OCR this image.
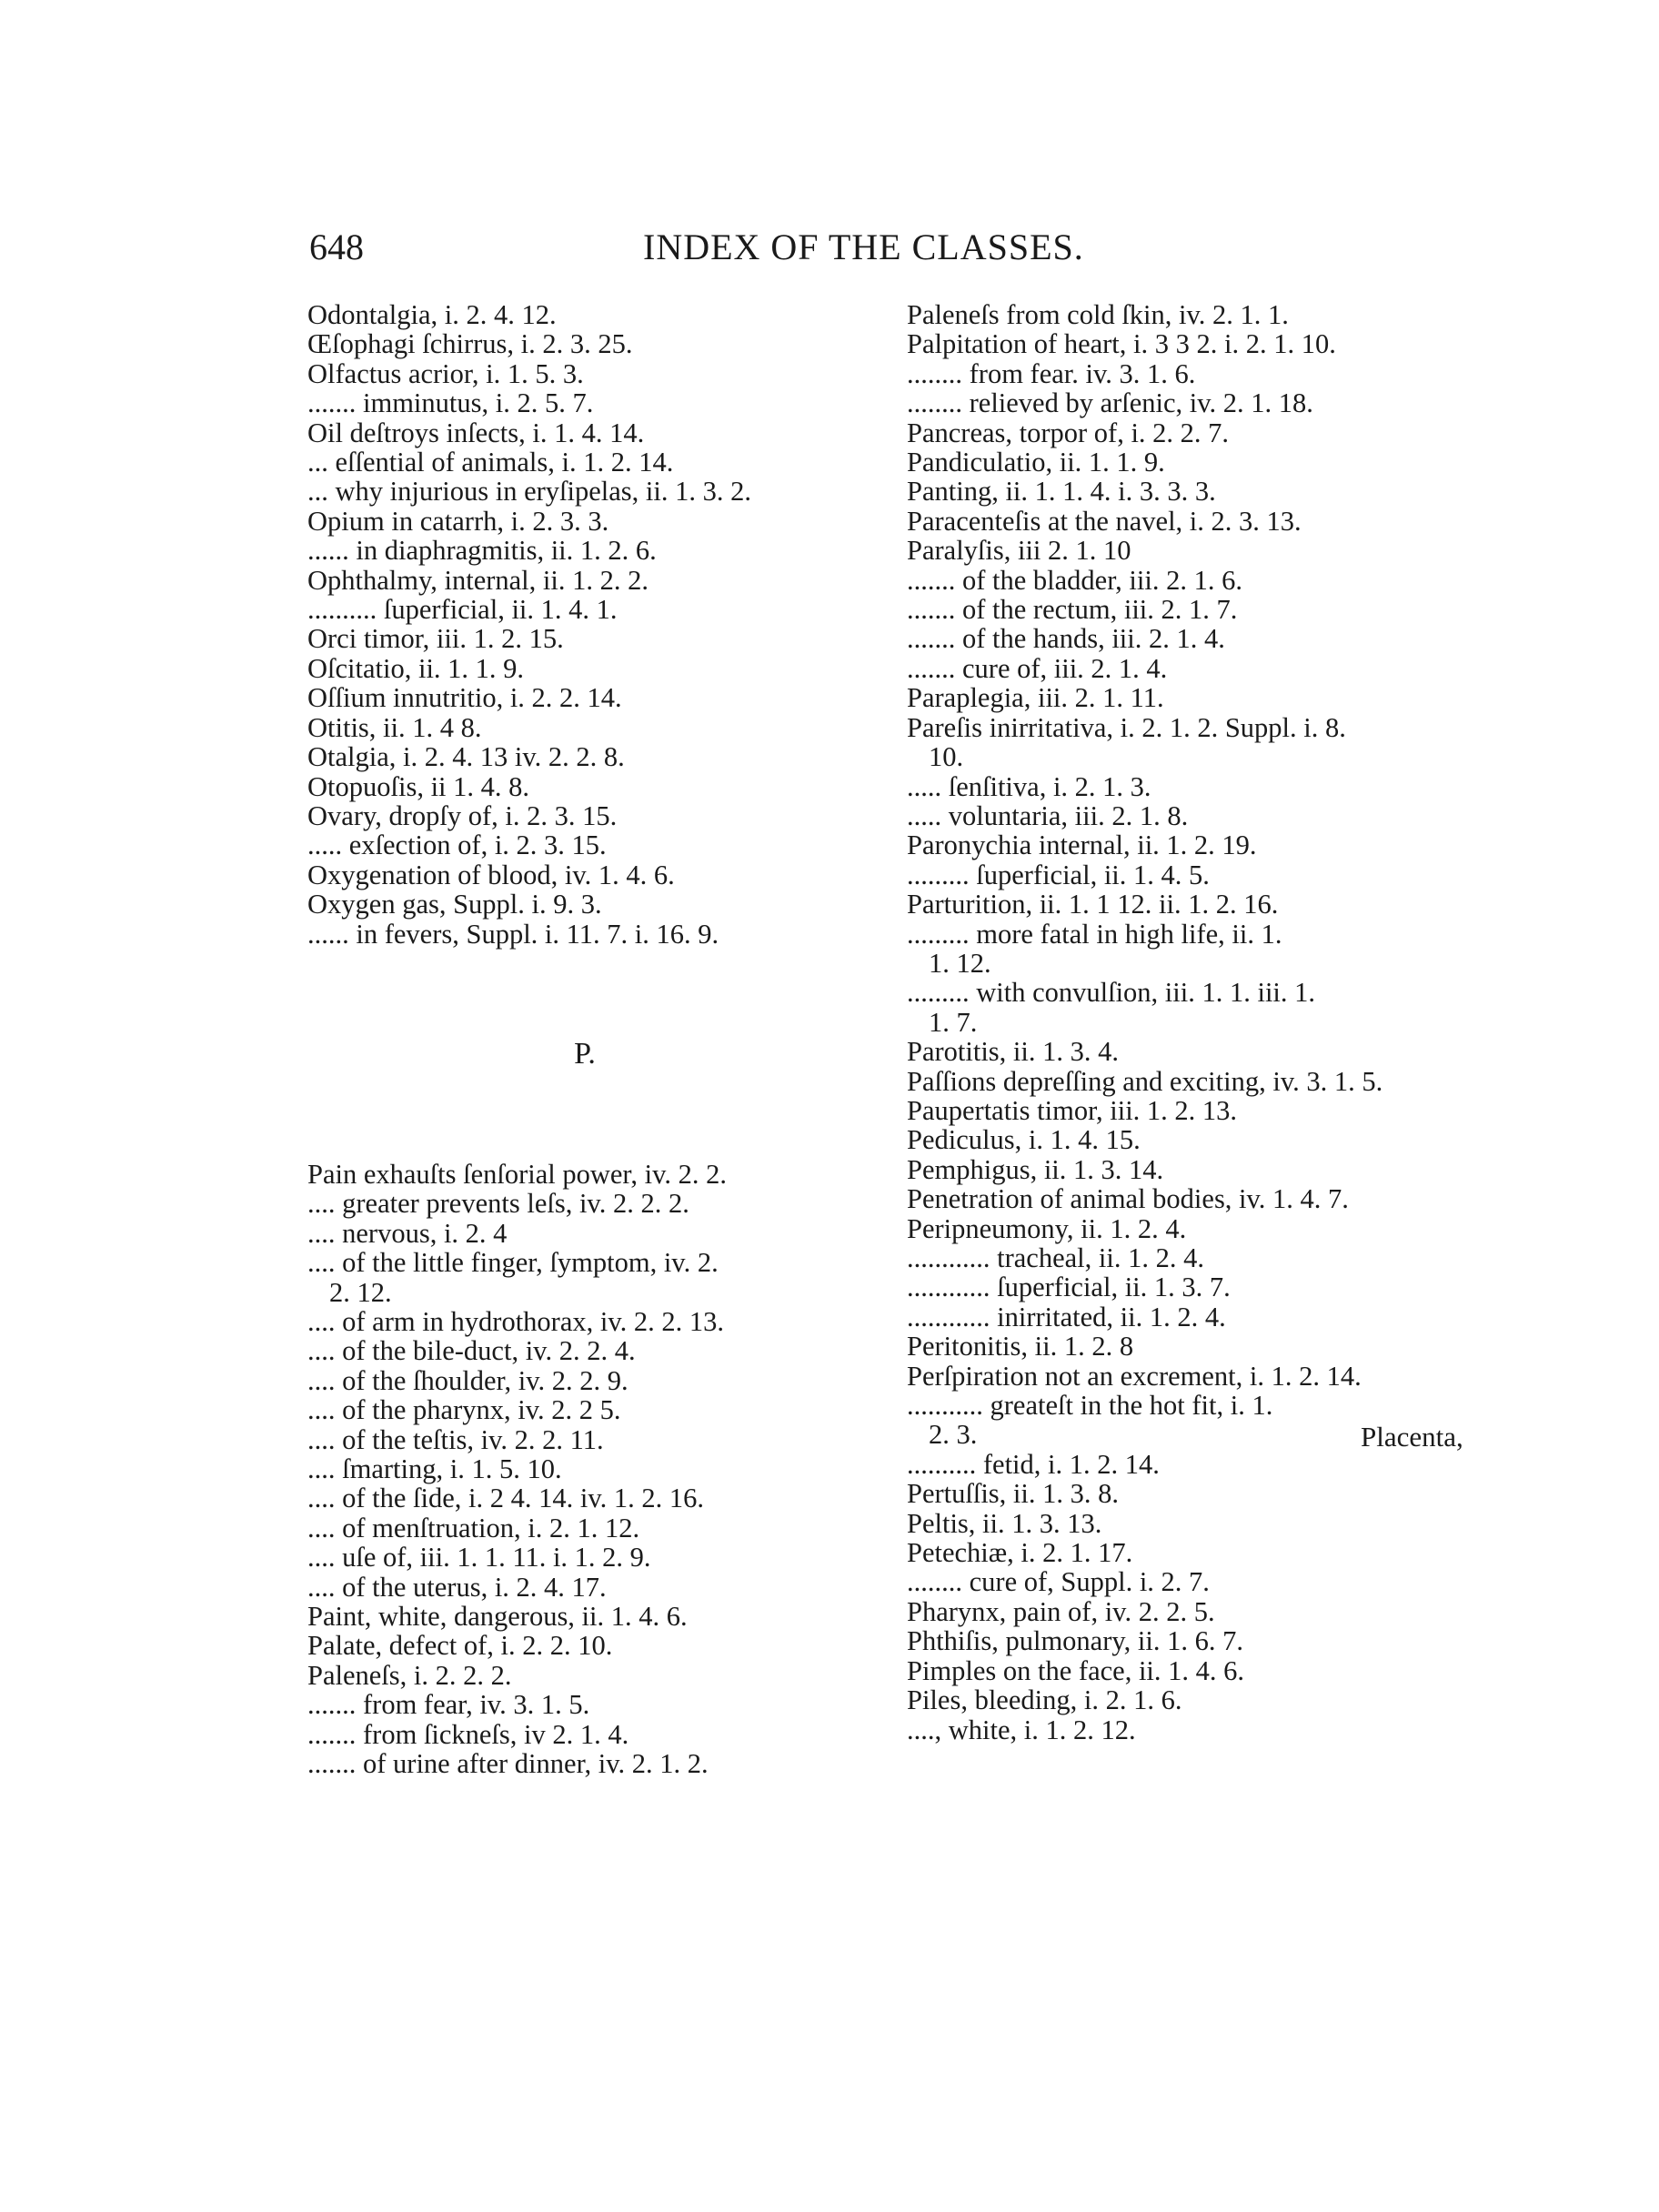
648	INDEX OF THE CLASSES.
Odontalgia, i. 2. 4. 12.
Œſophagi ſchirrus, i. 2. 3. 25.
Olfactus acrior, i. 1. 5. 3.
....... imminutus, i. 2. 5. 7.
Oil deſtroys inſects, i. 1. 4. 14.
... eſſential of animals, i. 1. 2. 14.
... why injurious in eryſipelas, ii. 1. 3. 2.
Opium in catarrh, i. 2. 3. 3.
...... in diaphragmitis, ii. 1. 2. 6.
Ophthalmy, internal, ii. 1. 2. 2.
.......... ſuperficial, ii. 1. 4. 1.
Orci timor, iii. 1. 2. 15.
Oſcitatio, ii. 1. 1. 9.
Oſſium innutritio, i. 2. 2. 14.
Otitis, ii. 1. 4 8.
Otalgia, i. 2. 4. 13 iv. 2. 2. 8.
Otopuoſis, ii 1. 4. 8.
Ovary, dropſy of, i. 2. 3. 15.
..... exſection of, i. 2. 3. 15.
Oxygenation of blood, iv. 1. 4. 6.
Oxygen gas, Suppl. i. 9. 3.
...... in fevers, Suppl. i. 11. 7. i. 16. 9.
P.
Pain exhauſts ſenſorial power, iv. 2. 2.
.... greater prevents leſs, iv. 2. 2. 2.
.... nervous, i. 2. 4
.... of the little finger, ſymptom, iv. 2.
2. 12.
.... of arm in hydrothorax, iv. 2. 2. 13.
.... of the bile-duct, iv. 2. 2. 4.
.... of the ſhoulder, iv. 2. 2. 9.
.... of the pharynx, iv. 2. 2 5.
.... of the teſtis, iv. 2. 2. 11.
.... ſmarting, i. 1. 5. 10.
.... of the ſide, i. 2 4. 14. iv. 1. 2. 16.
.... of menſtruation, i. 2. 1. 12.
.... uſe of, iii. 1. 1. 11. i. 1. 2. 9.
.... of the uterus, i. 2. 4. 17.
Paint, white, dangerous, ii. 1. 4. 6.
Palate, defect of, i. 2. 2. 10.
Paleneſs, i. 2. 2. 2.
....... from fear, iv. 3. 1. 5.
....... from ſickneſs, iv 2. 1. 4.
....... of urine after dinner, iv. 2. 1. 2.
Paleneſs from cold ſkin, iv. 2. 1. 1.
Palpitation of heart, i. 3 3 2. i. 2. 1. 10.
........ from fear. iv. 3. 1. 6.
........ relieved by arſenic, iv. 2. 1. 18.
Pancreas, torpor of, i. 2. 2. 7.
Pandiculatio, ii. 1. 1. 9.
Panting, ii. 1. 1. 4. i. 3. 3. 3.
Paracenteſis at the navel, i. 2. 3. 13.
Paralyſis, iii 2. 1. 10
....... of the bladder, iii. 2. 1. 6.
....... of the rectum, iii. 2. 1. 7.
....... of the hands, iii. 2. 1. 4.
....... cure of, iii. 2. 1. 4.
Paraplegia, iii. 2. 1. 11.
Pareſis inirritativa, i. 2. 1. 2. Suppl. i. 8.
10.
..... ſenſitiva, i. 2. 1. 3.
..... voluntaria, iii. 2. 1. 8.
Paronychia internal, ii. 1. 2. 19.
......... ſuperficial, ii. 1. 4. 5.
Parturition, ii. 1. 1 12. ii. 1. 2. 16.
......... more fatal in high life, ii. 1.
1. 12.
......... with convulſion, iii. 1. 1. iii. 1.
1. 7.
Parotitis, ii. 1. 3. 4.
Paſſions depreſſing and exciting, iv. 3. 1. 5.
Paupertatis timor, iii. 1. 2. 13.
Pediculus, i. 1. 4. 15.
Pemphigus, ii. 1. 3. 14.
Penetration of animal bodies, iv. 1. 4. 7.
Peripneumony, ii. 1. 2. 4.
............ tracheal, ii. 1. 2. 4.
............ ſuperficial, ii. 1. 3. 7.
............ inirritated, ii. 1. 2. 4.
Peritonitis, ii. 1. 2. 8
Perſpiration not an excrement, i. 1. 2. 14.
........... greateſt in the hot fit, i. 1.
2. 3.
.......... fetid, i. 1. 2. 14.
Pertuſſis, ii. 1. 3. 8.
Peltis, ii. 1. 3. 13.
Petechiæ, i. 2. 1. 17.
........ cure of, Suppl. i. 2. 7.
Pharynx, pain of, iv. 2. 2. 5.
Phthiſis, pulmonary, ii. 1. 6. 7.
Pimples on the face, ii. 1. 4. 6.
Piles, bleeding, i. 2. 1. 6.
...., white, i. 1. 2. 12.
Placenta,
